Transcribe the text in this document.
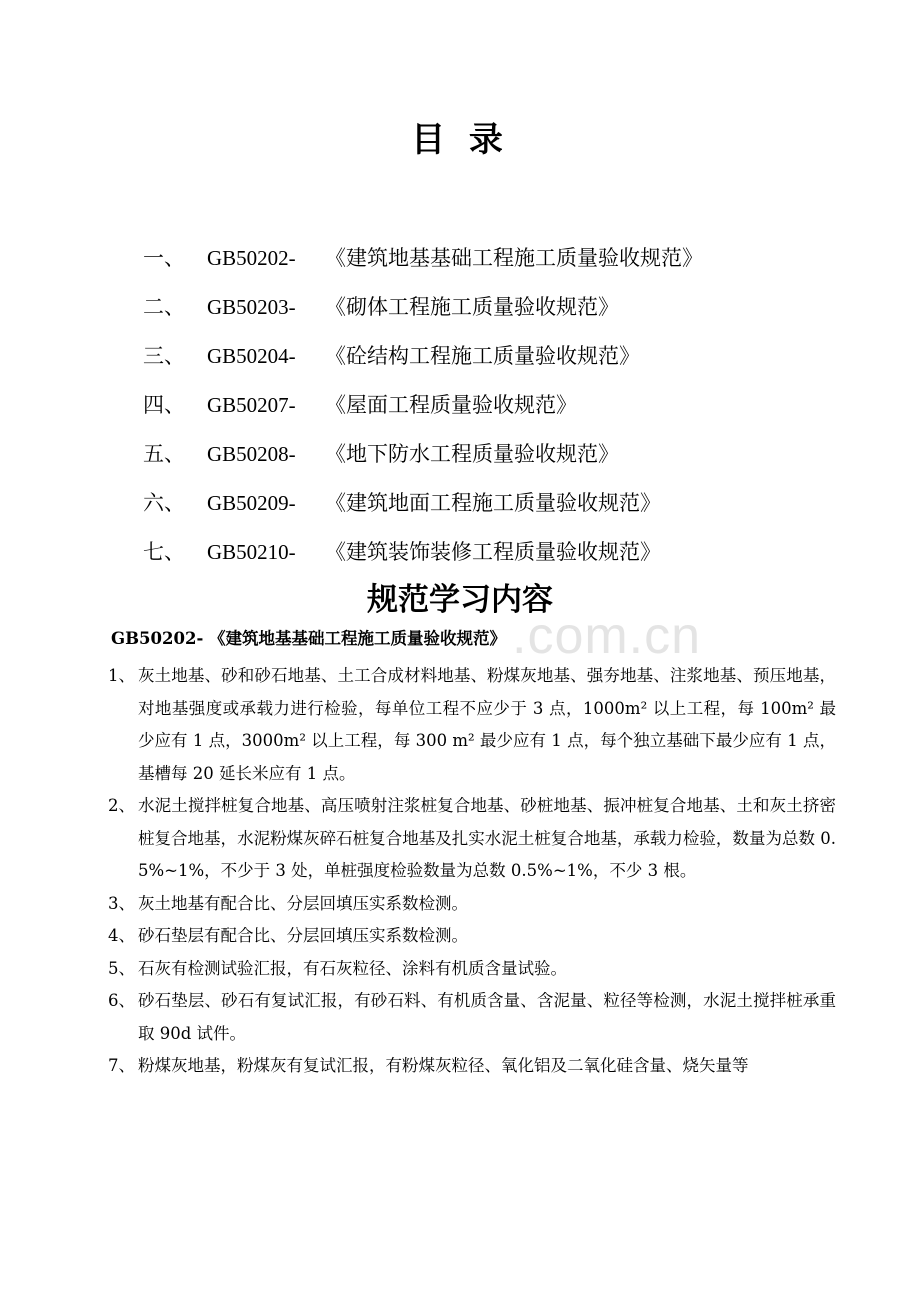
目 录
一、 GB50202- 《建筑地基基础工程施工质量验收规范》
二、 GB50203- 《砌体工程施工质量验收规范》
三、 GB50204- 《砼结构工程施工质量验收规范》
四、 GB50207- 《屋面工程质量验收规范》
五、 GB50208- 《地下防水工程质量验收规范》
六、 GB50209- 《建筑地面工程施工质量验收规范》
七、 GB50210- 《建筑装饰装修工程质量验收规范》
规范学习内容
.com.cn
GB50202- 《建筑地基基础工程施工质量验收规范》
1、 灰土地基、砂和砂石地基、土工合成材料地基、粉煤灰地基、强夯地基、注浆地基、预压地基，对地基强度或承载力进行检验，每单位工程不应少于 3 点，1000m² 以上工程，每 100m² 最少应有 1 点，3000m² 以上工程，每 300 m² 最少应有 1 点，每个独立基础下最少应有 1 点，基槽每 20 延长米应有 1 点。
2、 水泥土搅拌桩复合地基、高压喷射注浆桩复合地基、砂桩地基、振冲桩复合地基、土和灰土挤密桩复合地基，水泥粉煤灰碎石桩复合地基及扎实水泥土桩复合地基，承载力检验，数量为总数 0.5%~1%，不少于 3 处，单桩强度检验数量为总数 0.5%~1%，不少 3 根。
3、 灰土地基有配合比、分层回填压实系数检测。
4、 砂石垫层有配合比、分层回填压实系数检测。
5、 石灰有检测试验汇报，有石灰粒径、涂料有机质含量试验。
6、 砂石垫层、砂石有复试汇报，有砂石料、有机质含量、含泥量、粒径等检测，水泥土搅拌桩承重取 90d 试件。
7、 粉煤灰地基，粉煤灰有复试汇报，有粉煤灰粒径、氧化铝及二氧化硅含量、烧矢量等
